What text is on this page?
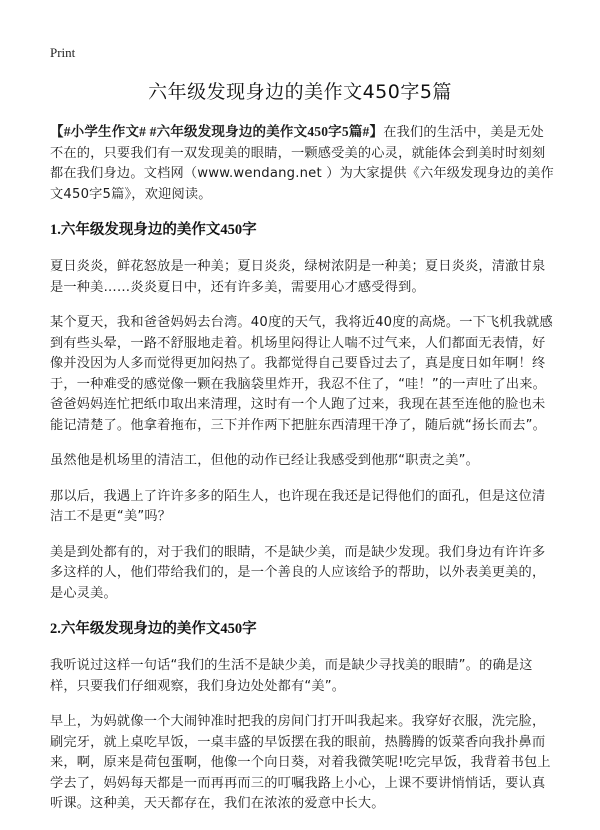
Print
六年级发现身边的美作文450字5篇

【#小学生作文# #六年级发现身边的美作文450字5篇#】在我们的生活中，美是无处不在的，只要我们有一双发现美的眼睛，一颗感受美的心灵，就能体会到美时时刻刻都在我们身边。文档网（www.wendang.net ）为大家提供《六年级发现身边的美作文450字5篇》，欢迎阅读。

1.六年级发现身边的美作文450字

夏日炎炎，鲜花怒放是一种美；夏日炎炎，绿树浓阴是一种美；夏日炎炎，清澈甘泉是一种美……炎炎夏日中，还有许多美，需要用心才感受得到。

某个夏天，我和爸爸妈妈去台湾。40度的天气，我将近40度的高烧。一下飞机我就感到有些头晕，一路不舒服地走着。机场里闷得让人喘不过气来，人们都面无表情，好像并没因为人多而觉得更加闷热了。我都觉得自己要昏过去了，真是度日如年啊！终于，一种难受的感觉像一颗在我脑袋里炸开，我忍不住了，“哇！”的一声吐了出来。爸爸妈妈连忙把纸巾取出来清理，这时有一个人跑了过来，我现在甚至连他的脸也未能记清楚了。他拿着拖布，三下并作两下把脏东西清理干净了，随后就“扬长而去”。

虽然他是机场里的清洁工，但他的动作已经让我感受到他那“职责之美”。

那以后，我遇上了许许多多的陌生人，也许现在我还是记得他们的面孔，但是这位清洁工不是更“美”吗？

美是到处都有的，对于我们的眼睛，不是缺少美，而是缺少发现。我们身边有许许多多这样的人，他们带给我们的，是一个善良的人应该给予的帮助，以外表美更美的，是心灵美。

2.六年级发现身边的美作文450字

我听说过这样一句话“我们的生活不是缺少美，而是缺少寻找美的眼睛”。的确是这样，只要我们仔细观察，我们身边处处都有“美”。

早上，为妈就像一个大闹钟准时把我的房间门打开叫我起来。我穿好衣服，洗完脸，刷完牙，就上桌吃早饭，一桌丰盛的早饭摆在我的眼前，热腾腾的饭菜香向我扑鼻而来，啊，原来是荷包蛋啊，他像一个向日葵，对着我微笑呢!吃完早饭，我背着书包上学去了，妈妈每天都是一而再再而三的叮嘱我路上小心，上课不要讲悄悄话，要认真听课。这种美，天天都存在，我们在浓浓的爱意中长大。
